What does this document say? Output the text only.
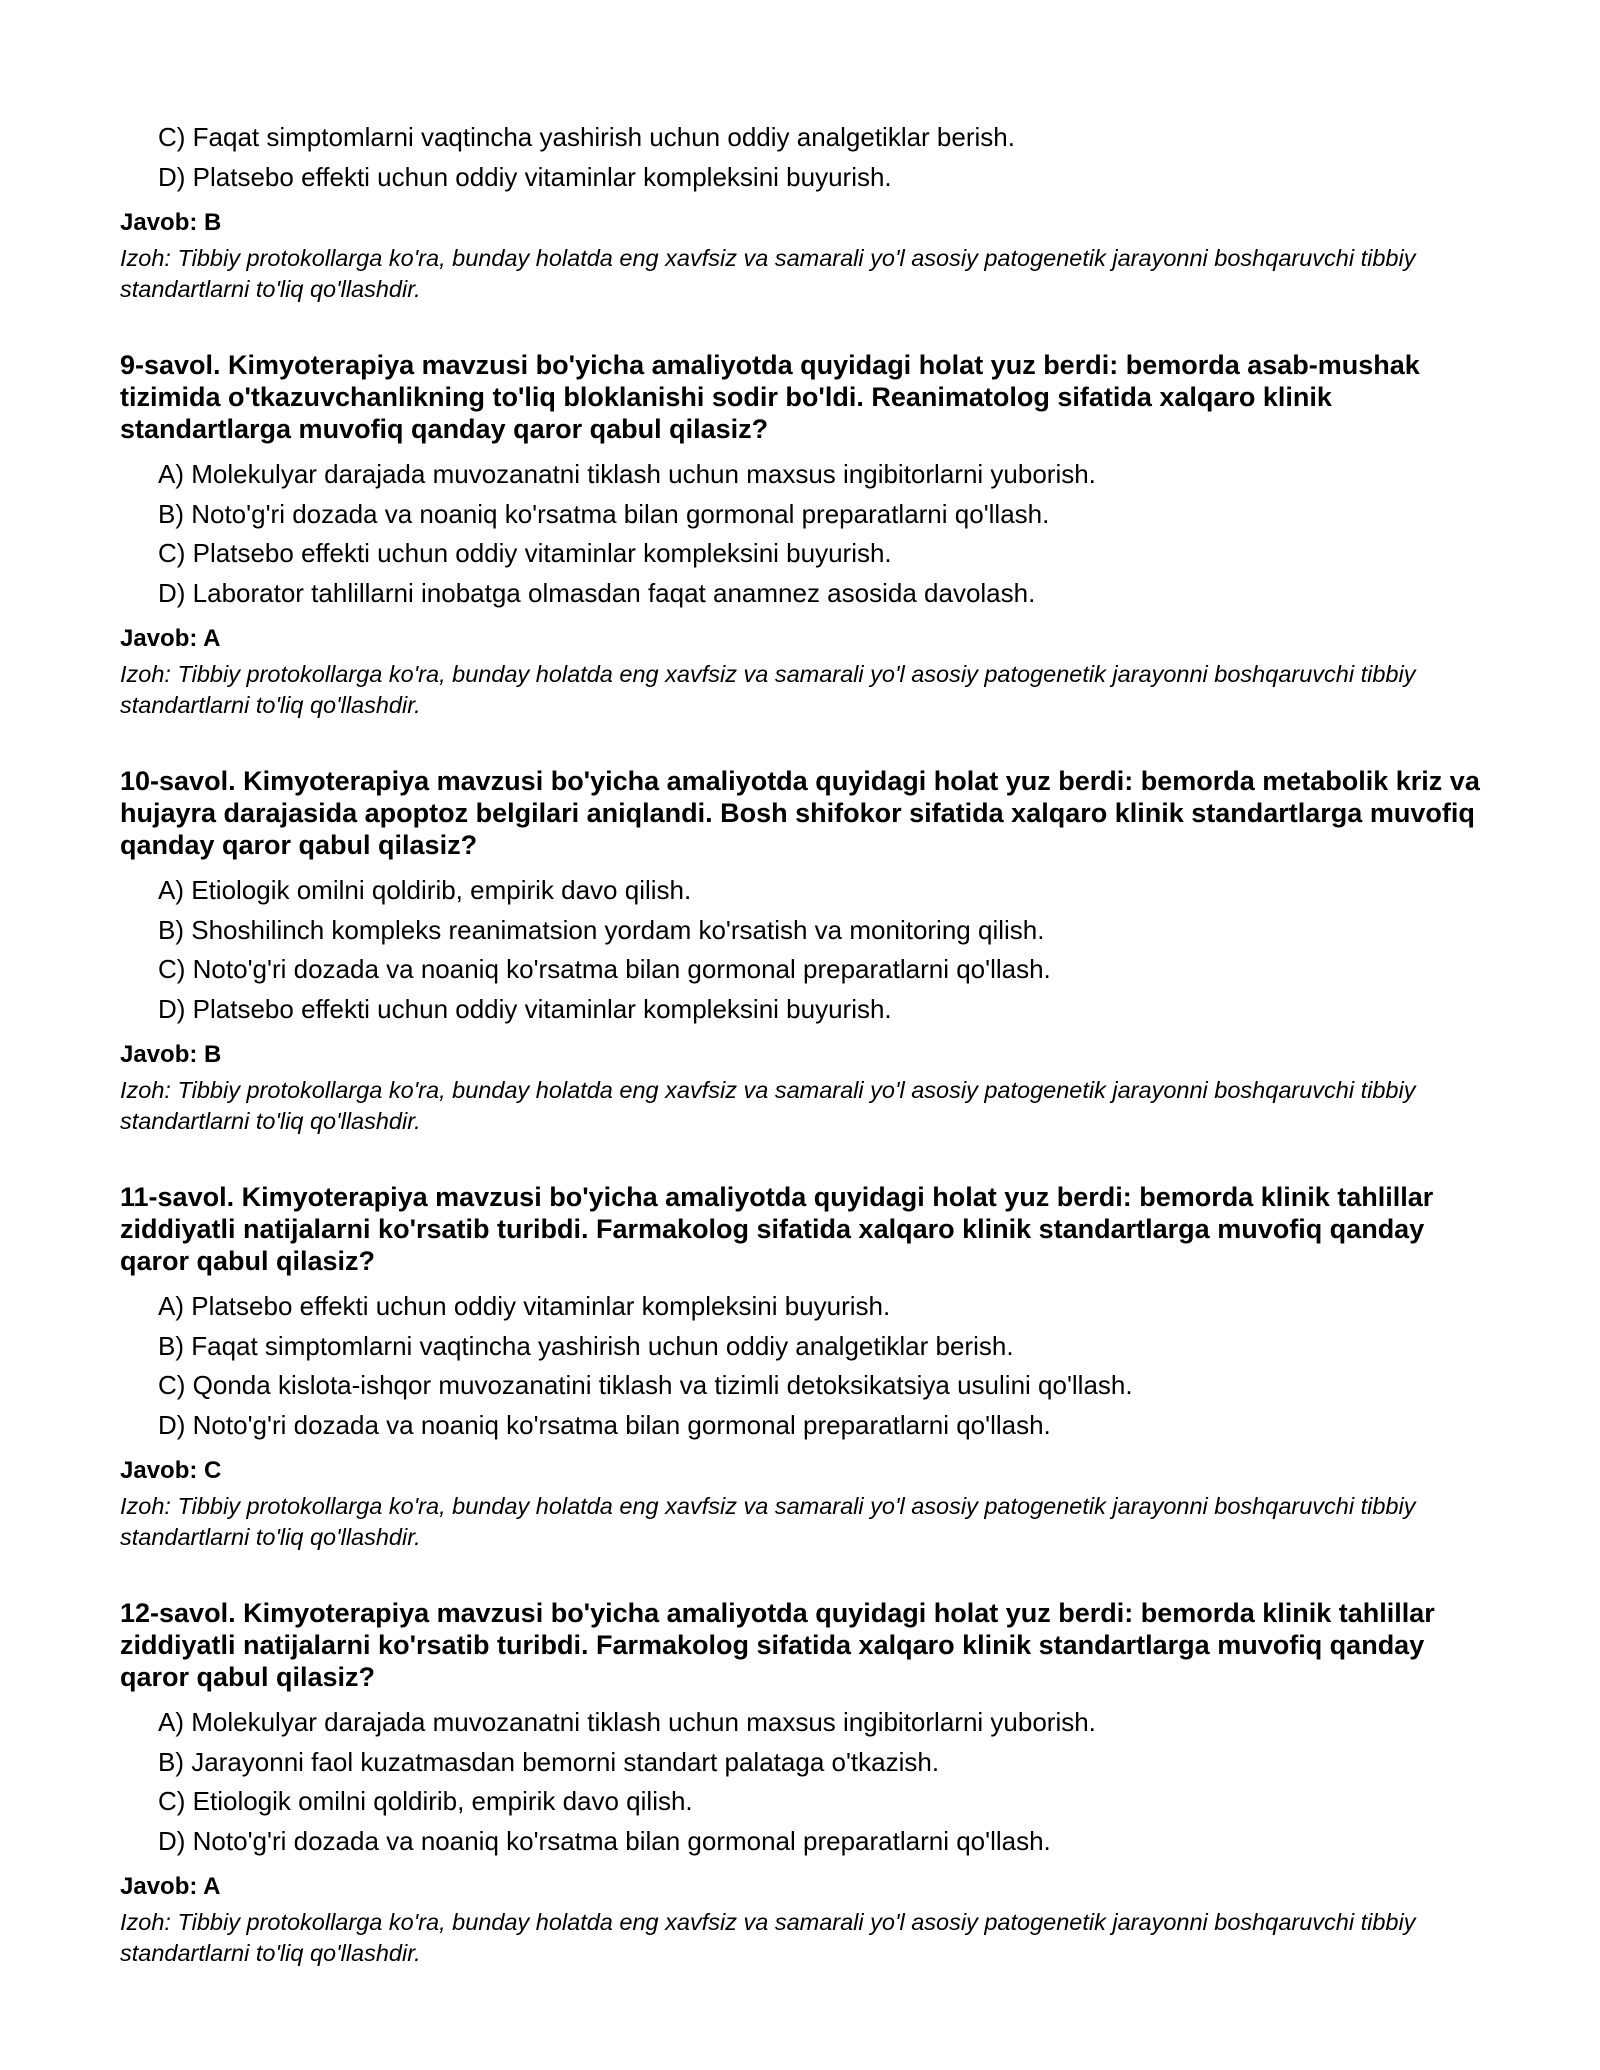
C) Faqat simptomlarni vaqtincha yashirish uchun oddiy analgetiklar berish.
D) Platsebo effekti uchun oddiy vitaminlar kompleksini buyurish.
Javob: B
Izoh: Tibbiy protokollarga ko'ra, bunday holatda eng xavfsiz va samarali yo'l asosiy patogenetik jarayonni boshqaruvchi tibbiy standartlarni to'liq qo'llashdir.
9-savol. Kimyoterapiya mavzusi bo'yicha amaliyotda quyidagi holat yuz berdi: bemorda asab-mushak tizimida o'tkazuvchanlikning to'liq bloklanishi sodir bo'ldi. Reanimatolog sifatida xalqaro klinik standartlarga muvofiq qanday qaror qabul qilasiz?
A) Molekulyar darajada muvozanatni tiklash uchun maxsus ingibitorlarni yuborish.
B) Noto'g'ri dozada va noaniq ko'rsatma bilan gormonal preparatlarni qo'llash.
C) Platsebo effekti uchun oddiy vitaminlar kompleksini buyurish.
D) Laborator tahlillarni inobatga olmasdan faqat anamnez asosida davolash.
Javob: A
Izoh: Tibbiy protokollarga ko'ra, bunday holatda eng xavfsiz va samarali yo'l asosiy patogenetik jarayonni boshqaruvchi tibbiy standartlarni to'liq qo'llashdir.
10-savol. Kimyoterapiya mavzusi bo'yicha amaliyotda quyidagi holat yuz berdi: bemorda metabolik kriz va hujayra darajasida apoptoz belgilari aniqlandi. Bosh shifokor sifatida xalqaro klinik standartlarga muvofiq qanday qaror qabul qilasiz?
A) Etiologik omilni qoldirib, empirik davo qilish.
B) Shoshilinch kompleks reanimatsion yordam ko'rsatish va monitoring qilish.
C) Noto'g'ri dozada va noaniq ko'rsatma bilan gormonal preparatlarni qo'llash.
D) Platsebo effekti uchun oddiy vitaminlar kompleksini buyurish.
Javob: B
Izoh: Tibbiy protokollarga ko'ra, bunday holatda eng xavfsiz va samarali yo'l asosiy patogenetik jarayonni boshqaruvchi tibbiy standartlarni to'liq qo'llashdir.
11-savol. Kimyoterapiya mavzusi bo'yicha amaliyotda quyidagi holat yuz berdi: bemorda klinik tahlillar ziddiyatli natijalarni ko'rsatib turibdi. Farmakolog sifatida xalqaro klinik standartlarga muvofiq qanday qaror qabul qilasiz?
A) Platsebo effekti uchun oddiy vitaminlar kompleksini buyurish.
B) Faqat simptomlarni vaqtincha yashirish uchun oddiy analgetiklar berish.
C) Qonda kislota-ishqor muvozanatini tiklash va tizimli detoksikatsiya usulini qo'llash.
D) Noto'g'ri dozada va noaniq ko'rsatma bilan gormonal preparatlarni qo'llash.
Javob: C
Izoh: Tibbiy protokollarga ko'ra, bunday holatda eng xavfsiz va samarali yo'l asosiy patogenetik jarayonni boshqaruvchi tibbiy standartlarni to'liq qo'llashdir.
12-savol. Kimyoterapiya mavzusi bo'yicha amaliyotda quyidagi holat yuz berdi: bemorda klinik tahlillar ziddiyatli natijalarni ko'rsatib turibdi. Farmakolog sifatida xalqaro klinik standartlarga muvofiq qanday qaror qabul qilasiz?
A) Molekulyar darajada muvozanatni tiklash uchun maxsus ingibitorlarni yuborish.
B) Jarayonni faol kuzatmasdan bemorni standart palataga o'tkazish.
C) Etiologik omilni qoldirib, empirik davo qilish.
D) Noto'g'ri dozada va noaniq ko'rsatma bilan gormonal preparatlarni qo'llash.
Javob: A
Izoh: Tibbiy protokollarga ko'ra, bunday holatda eng xavfsiz va samarali yo'l asosiy patogenetik jarayonni boshqaruvchi tibbiy standartlarni to'liq qo'llashdir.
